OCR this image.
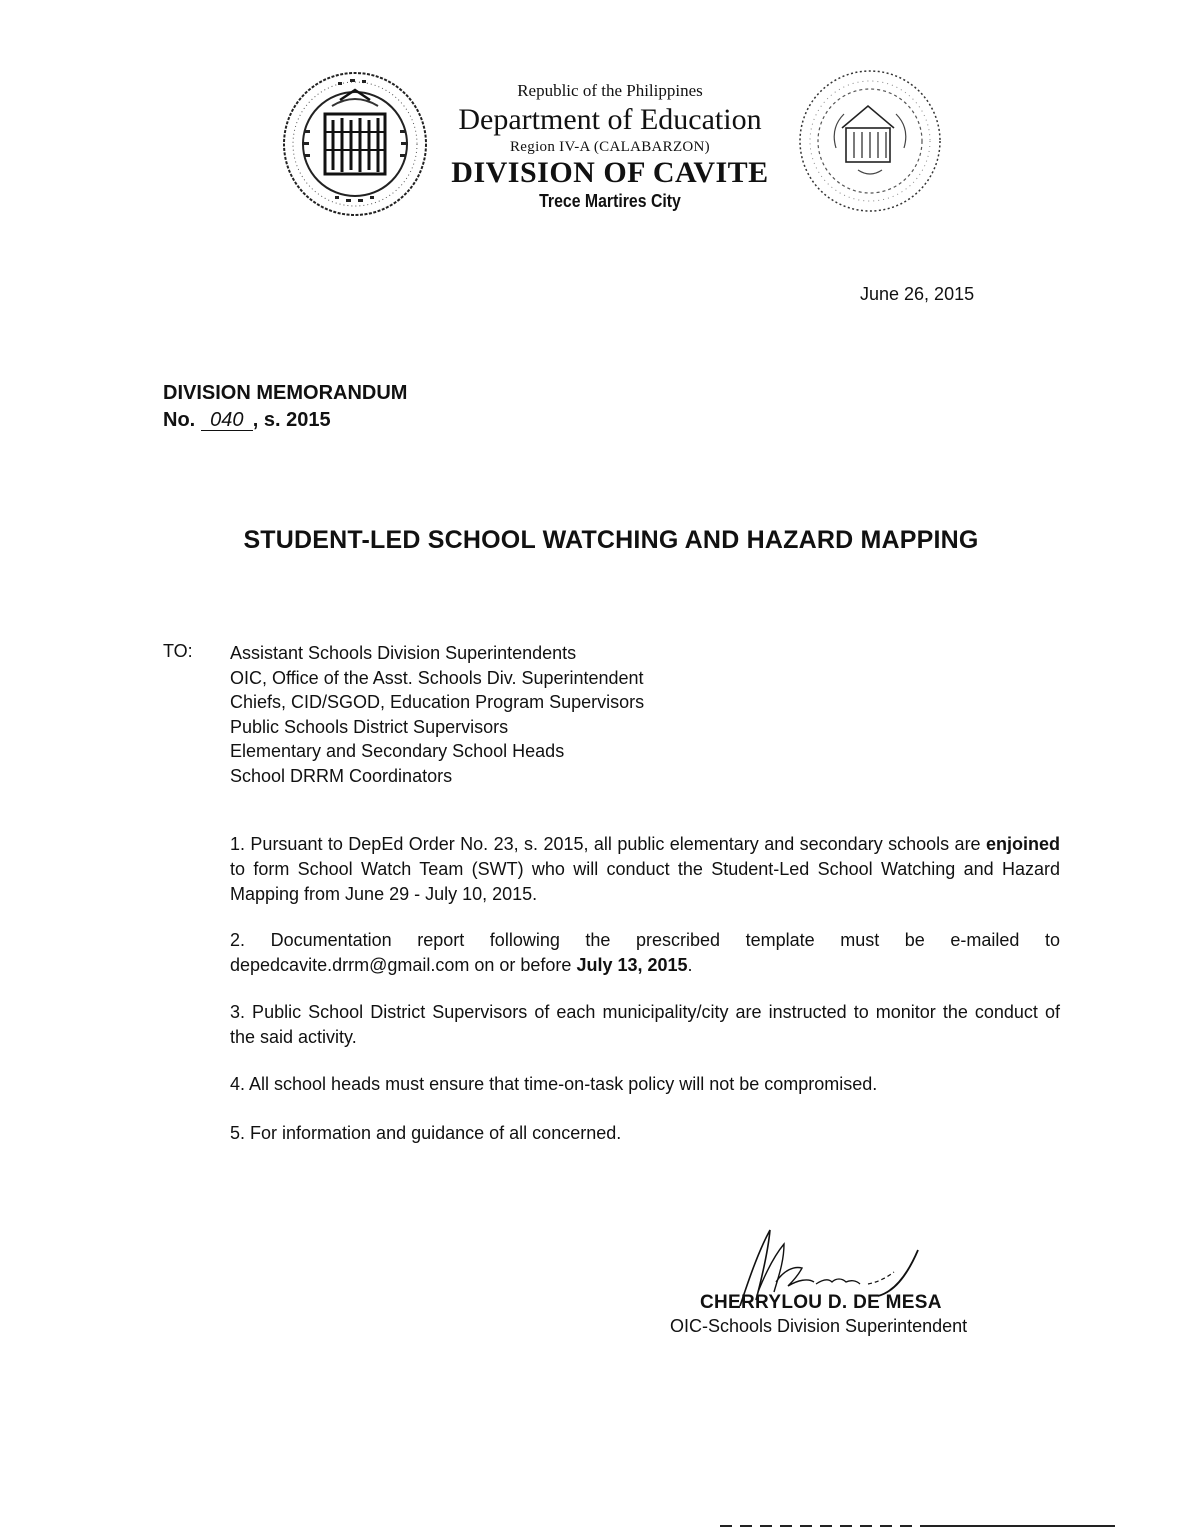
Republic of the Philippines
Department of Education
Region IV-A (CALABARZON)
DIVISION OF CAVITE
Trece Martires City
June 26, 2015
DIVISION MEMORANDUM
No. 040 , s. 2015
STUDENT-LED SCHOOL WATCHING AND HAZARD MAPPING
TO: Assistant Schools Division Superintendents
OIC, Office of the Asst. Schools Div. Superintendent
Chiefs, CID/SGOD, Education Program Supervisors
Public Schools District Supervisors
Elementary and Secondary School Heads
School DRRM Coordinators

1. Pursuant to DepEd Order No. 23, s. 2015, all public elementary and secondary schools are enjoined to form School Watch Team (SWT) who will conduct the Student-Led School Watching and Hazard Mapping from June 29 - July 10, 2015.

2. Documentation report following the prescribed template must be e-mailed to depedcavite.drrm@gmail.com on or before July 13, 2015.

3. Public School District Supervisors of each municipality/city are instructed to monitor the conduct of the said activity.

4. All school heads must ensure that time-on-task policy will not be compromised.

5. For information and guidance of all concerned.

CHERRYLOU D. DE MESA
OIC-Schools Division Superintendent
